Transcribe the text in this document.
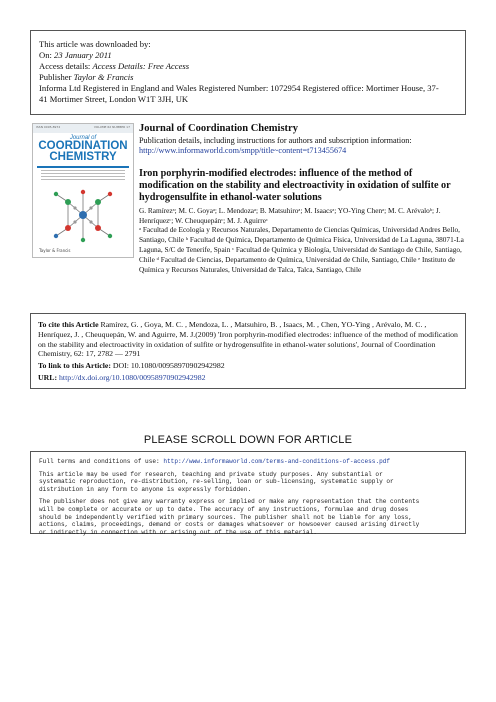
This article was downloaded by:
On: 23 January 2011
Access details: Access Details: Free Access
Publisher Taylor & Francis
Informa Ltd Registered in England and Wales Registered Number: 1072954 Registered office: Mortimer House, 37-
41 Mortimer Street, London W1T 3JH, UK
ISSN 0095-8972	VOLUME 62 NUMBER 17
Journal of
COORDINATION
CHEMISTRY
Taylor & Francis
Journal of Coordination Chemistry
Publication details, including instructions for authors and subscription information:
http://www.informaworld.com/smpp/title~content=t713455674
Iron porphyrin-modified electrodes: influence of the method of modification on the stability and electroactivity in oxidation of sulfite or hydrogensulfite in ethanol-water solutions
G. Ramírezᵃ; M. C. Goyaᵃ; L. Mendozaᵃ; B. Matsuhiroᵃ; M. Isaacsᵃ; YO-Ying Chenᵃ; M. C. Arévaloᵇ; J. Henríquezᶜ; W. Cheuquepánᶜ; M. J. Aguirreᶜ
ᵃ Facultad de Ecología y Recursos Naturales, Departamento de Ciencias Químicas, Universidad Andres Bello, Santiago, Chile ᵇ Facultad de Química, Departamento de Química Física, Universidad de La Laguna, 38071-La Laguna, S/C de Tenerife, Spain ᶜ Facultad de Química y Biología, Universidad de Santiago de Chile, Santiago, Chile ᵈ Facultad de Ciencias, Departamento de Química, Universidad de Chile, Santiago, Chile ᵉ Instituto de Química y Recursos Naturales, Universidad de Talca, Talca, Santiago, Chile

To cite this Article Ramírez, G. , Goya, M. C. , Mendoza, L. , Matsuhiro, B. , Isaacs, M. , Chen, YO-Ying , Arévalo, M. C. , Henríquez, J. , Cheuquepán, W. and Aguirre, M. J.(2009) 'Iron porphyrin-modified electrodes: influence of the method of modification on the stability and electroactivity in oxidation of sulfite or hydrogensulfite in ethanol-water solutions', Journal of Coordination Chemistry, 62: 17, 2782 — 2791

To link to this Article: DOI: 10.1080/00958970902942982

URL: http://dx.doi.org/10.1080/00958970902942982

PLEASE SCROLL DOWN FOR ARTICLE

Full terms and conditions of use: http://www.informaworld.com/terms-and-conditions-of-access.pdf

This article may be used for research, teaching and private study purposes. Any substantial or
systematic reproduction, re-distribution, re-selling, loan or sub-licensing, systematic supply or
distribution in any form to anyone is expressly forbidden.

The publisher does not give any warranty express or implied or make any representation that the contents
will be complete or accurate or up to date. The accuracy of any instructions, formulae and drug doses
should be independently verified with primary sources. The publisher shall not be liable for any loss,
actions, claims, proceedings, demand or costs or damages whatsoever or howsoever caused arising directly
or indirectly in connection with or arising out of the use of this material.
